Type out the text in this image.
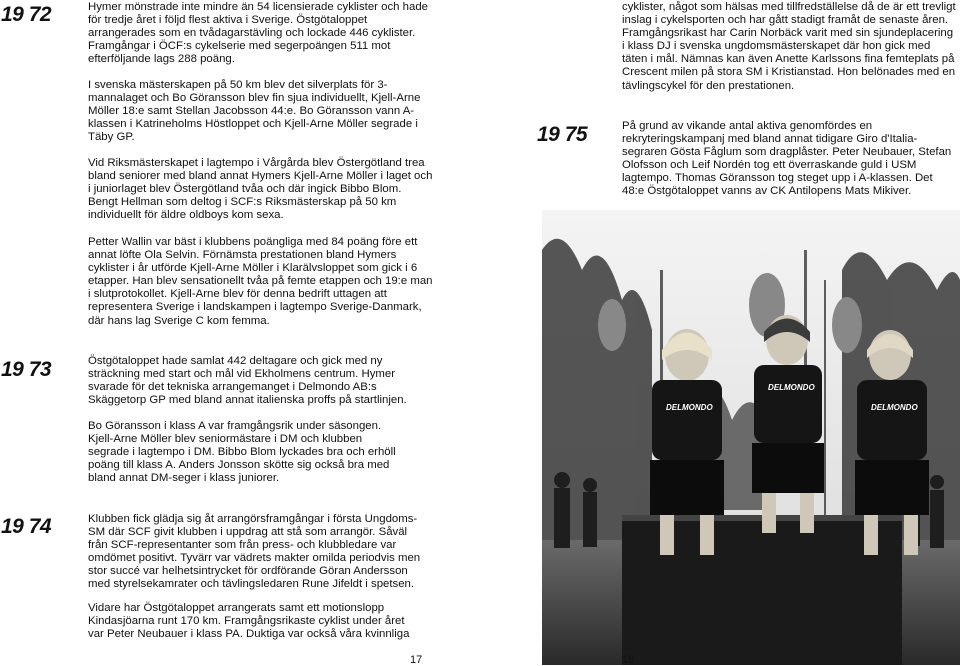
19 72	Hymer mönstrade inte mindre än 54 licensierade cyklister och hade för tredje året i följd flest aktiva i Sverige. Östgötaloppet arrangerades som en tvådagarstävling och lockade 446 cyklister. Framgångar i ÖCF:s cykelserie med segerpoängen 511 mot efterföljande lags 288 poäng.

I svenska mästerskapen på 50 km blev det silverplats för 3-mannalaget och Bo Göransson blev fin sjua individuellt, Kjell-Arne Möller 18:e samt Stellan Jacobsson 44:e. Bo Göransson vann A-klassen i Katrineholms Höstloppet och Kjell-Arne Möller segrade i Täby GP.

Vid Riksmästerskapet i lagtempo i Vårgårda blev Östergötland trea bland seniorer med bland annat Hymers Kjell-Arne Möller i laget och i juniorlaget blev Östergötland tvåa och där ingick Bibbo Blom. Bengt Hellman som deltog i SCF:s Riksmästerskap på 50 km individuellt för äldre oldboys kom sexa.

Petter Wallin var bäst i klubbens poängliga med 84 poäng före ett annat löfte Ola Selvin. Förnämsta prestationen bland Hymers cyklister i år utförde Kjell-Arne Möller i Klarälvsloppet som gick i 6 etapper. Han blev sensationellt tvåa på femte etappen och 19:e man i slutprotokollet. Kjell-Arne blev för denna bedrift uttagen att representera Sverige i landskampen i lagtempo Sverige-Danmark, där hans lag Sverige C kom femma.

19 73	Östgötaloppet hade samlat 442 deltagare och gick med ny sträckning med start och mål vid Ekholmens centrum. Hymer svarade för det tekniska arrangemanget i Delmondo AB:s Skäggetorp GP med bland annat italienska proffs på startlinjen.

Bo Göransson i klass A var framgångsrik under säsongen. Kjell-Arne Möller blev seniormästare i DM och klubben segrade i lagtempo i DM. Bibbo Blom lyckades bra och erhöll poäng till klass A. Anders Jonsson skötte sig också bra med bland annat DM-seger i klass juniorer.

19 74	Klubben fick glädja sig åt arrangörsframgångar i första Ungdoms-SM där SCF givit klubben i uppdrag att stå som arrangör. Såväl från SCF-representanter som från press- och klubbledare var omdömet positivt. Tyvärr var vädrets makter omilda periodvis men stor succé var helhetsintrycket för ordförande Göran Andersson med styrelsekamrater och tävlingsledaren Rune Jifeldt i spetsen.

Vidare har Östgötaloppet arrangerats samt ett motionslopp Kindasjöarna runt 170 km. Framgångsrikaste cyklist under året var Peter Neubauer i klass PA. Duktiga var också våra kvinnliga

17

cyklister, något som hälsas med tillfredställelse då de är ett trevligt inslag i cykelsporten och har gått stadigt framåt de senaste åren. Framgångsrikast har Carin Norbäck varit med sin sjundeplacering i klass DJ i svenska ungdomsmästerskapet där hon gick med täten i mål. Nämnas kan även Anette Karlssons fina femteplats på Crescent milen på stora SM i Kristianstad. Hon belönades med en tävlingscykel för den prestationen.

19 75	På grund av vikande antal aktiva genomfördes en rekryteringskampanj med bland annat tidigare Giro d'Italia-segraren Gösta Fåglum som dragplåster. Peter Neubauer, Stefan Olofsson och Leif Nordén tog ett överraskande guld i USM lagtempo. Thomas Göransson tog steget upp i A-klassen. Det 48:e Östgötaloppet vanns av CK Antilopens Mats Mikiver.

DELMONDO
DELMONDO
DELMONDO
18
